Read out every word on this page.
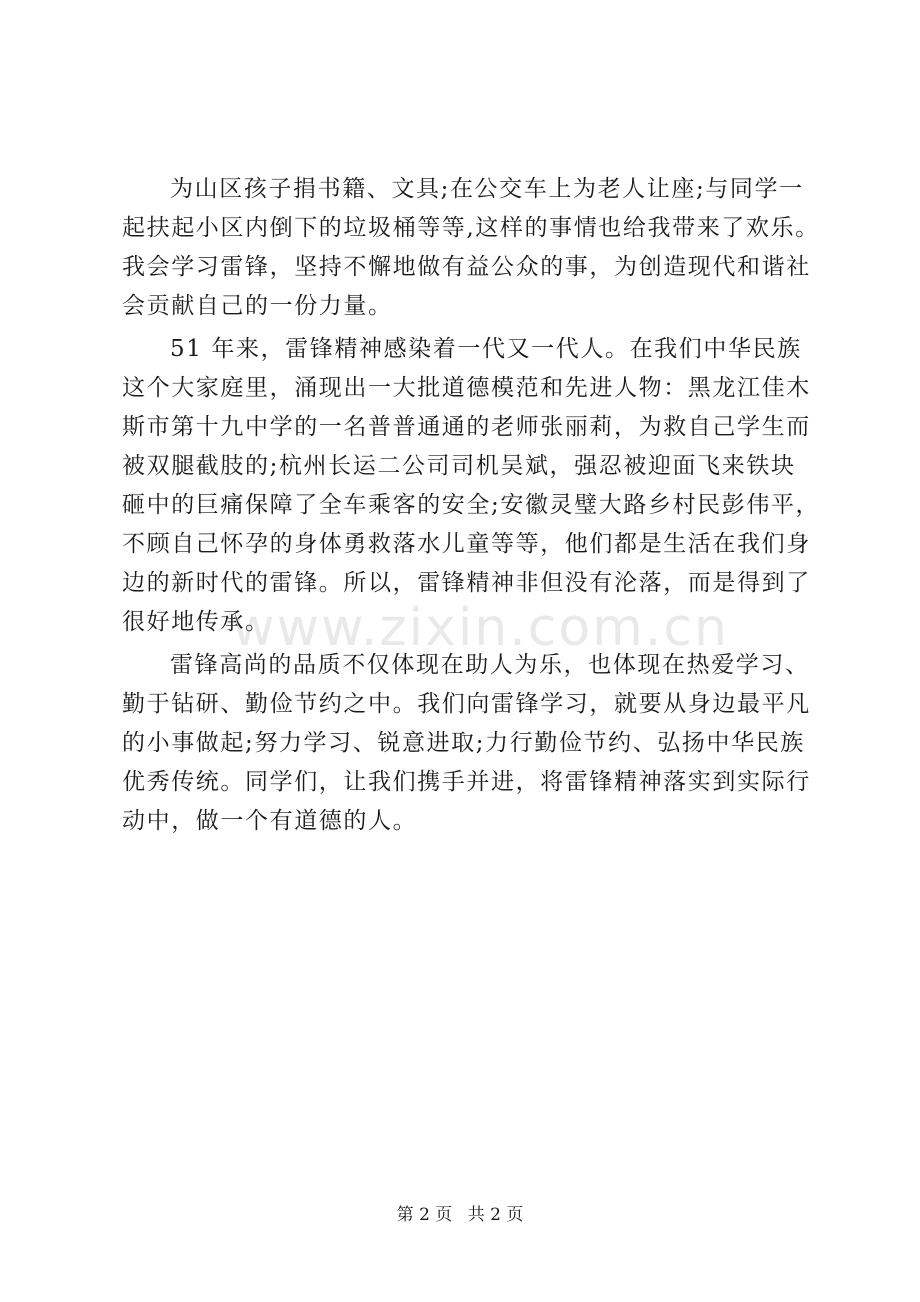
www.zixin.com.cn
为山区孩子捐书籍、文具;在公交车上为老人让座;与同学一
起扶起小区内倒下的垃圾桶等等,这样的事情也给我带来了欢乐。
我会学习雷锋，坚持不懈地做有益公众的事，为创造现代和谐社
会贡献自己的一份力量。
51 年来，雷锋精神感染着一代又一代人。在我们中华民族
这个大家庭里，涌现出一大批道德模范和先进人物：黑龙江佳木
斯市第十九中学的一名普普通通的老师张丽莉，为救自己学生而
被双腿截肢的;杭州长运二公司司机吴斌，强忍被迎面飞来铁块
砸中的巨痛保障了全车乘客的安全;安徽灵璧大路乡村民彭伟平，
不顾自己怀孕的身体勇救落水儿童等等，他们都是生活在我们身
边的新时代的雷锋。所以，雷锋精神非但没有沦落，而是得到了
很好地传承。
雷锋高尚的品质不仅体现在助人为乐，也体现在热爱学习、
勤于钻研、勤俭节约之中。我们向雷锋学习，就要从身边最平凡
的小事做起;努力学习、锐意进取;力行勤俭节约、弘扬中华民族
优秀传统。同学们，让我们携手并进，将雷锋精神落实到实际行
动中，做一个有道德的人。
第 2 页 共 2 页
